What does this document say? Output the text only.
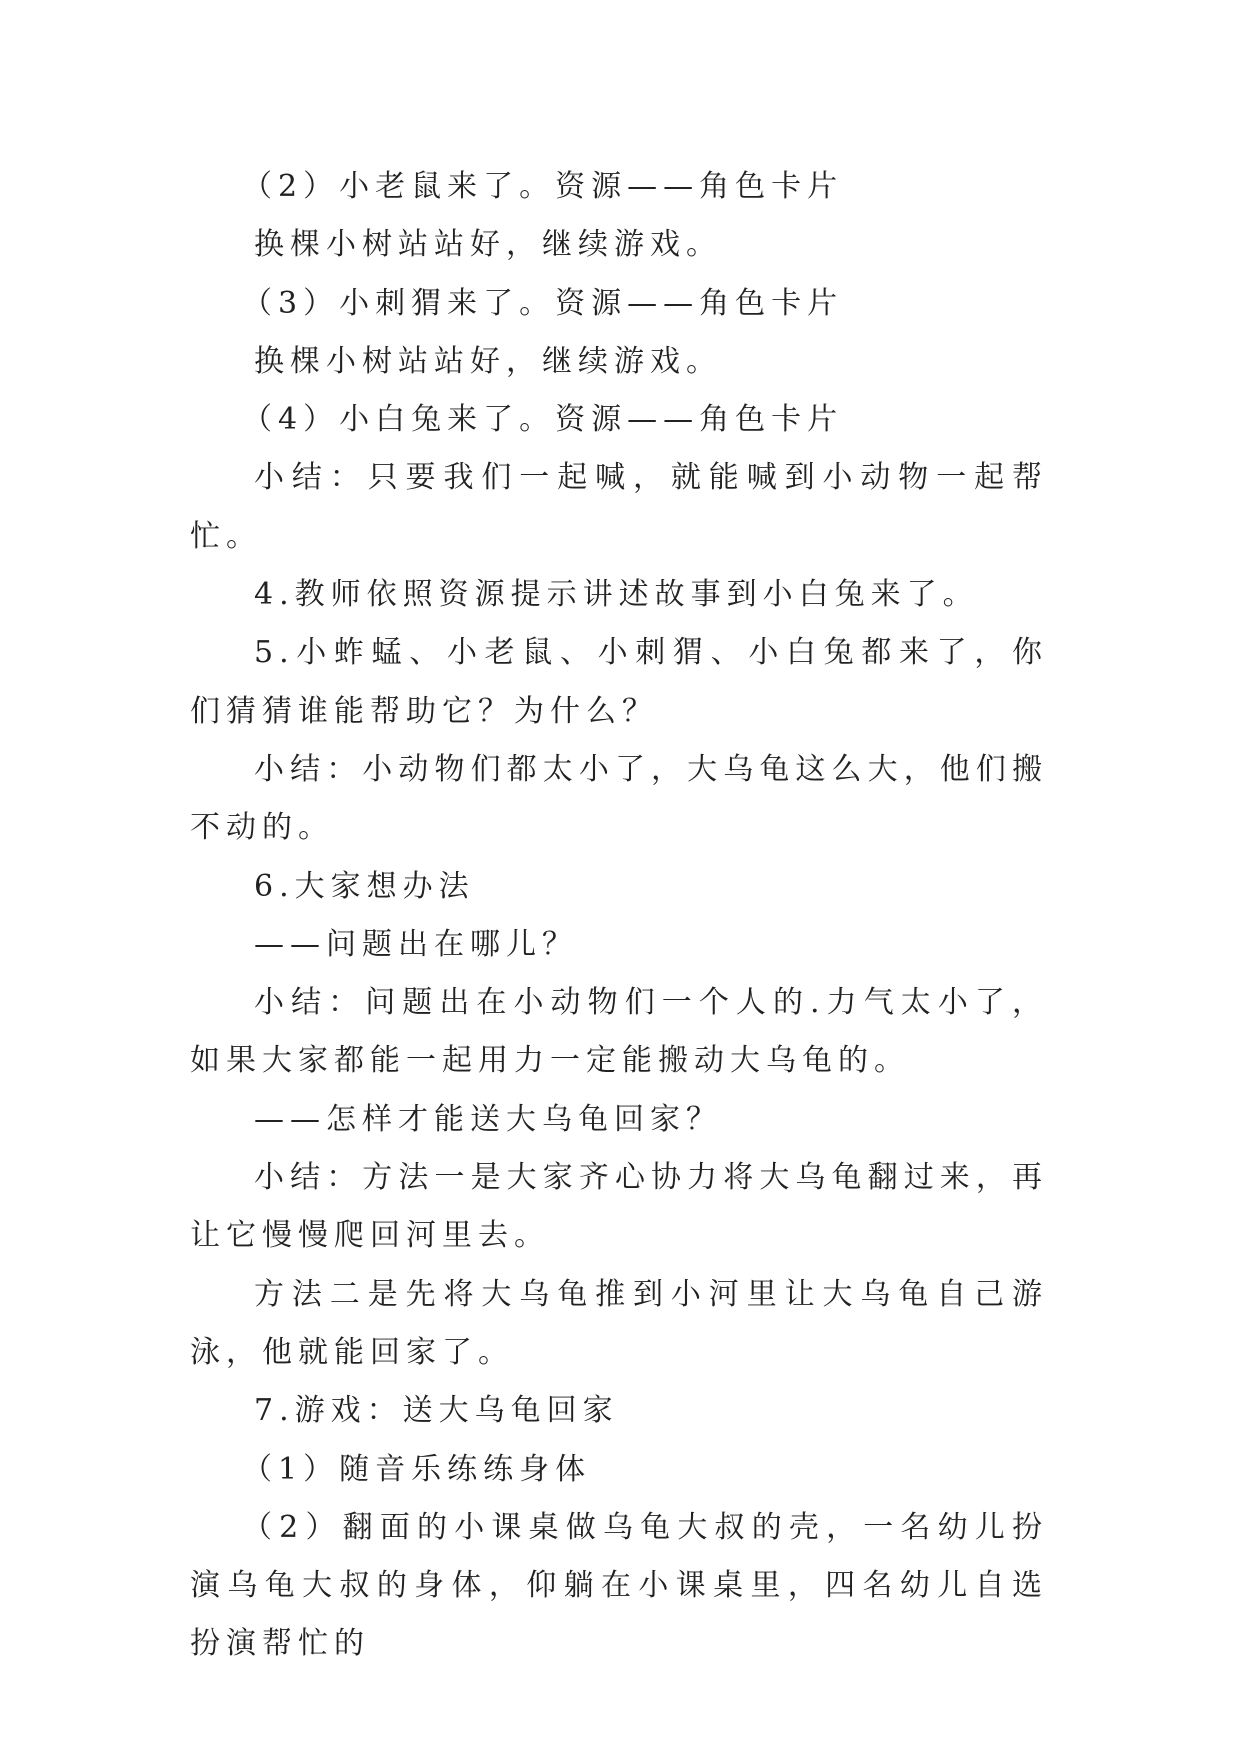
（2）小老鼠来了。资源——角色卡片

换棵小树站站好，继续游戏。

（3）小刺猬来了。资源——角色卡片

换棵小树站站好，继续游戏。

（4）小白兔来了。资源——角色卡片

小结：只要我们一起喊，就能喊到小动物一起帮忙。

4.教师依照资源提示讲述故事到小白兔来了。

5.小蚱蜢、小老鼠、小刺猬、小白兔都来了，你们猜猜谁能帮助它？为什么？

小结：小动物们都太小了，大乌龟这么大，他们搬不动的。

6.大家想办法

——问题出在哪儿？

小结：问题出在小动物们一个人的.力气太小了，如果大家都能一起用力一定能搬动大乌龟的。

——怎样才能送大乌龟回家？

小结：方法一是大家齐心协力将大乌龟翻过来，再让它慢慢爬回河里去。

方法二是先将大乌龟推到小河里让大乌龟自己游泳，他就能回家了。

7.游戏：送大乌龟回家

（1）随音乐练练身体

（2）翻面的小课桌做乌龟大叔的壳，一名幼儿扮演乌龟大叔的身体，仰躺在小课桌里，四名幼儿自选扮演帮忙的
